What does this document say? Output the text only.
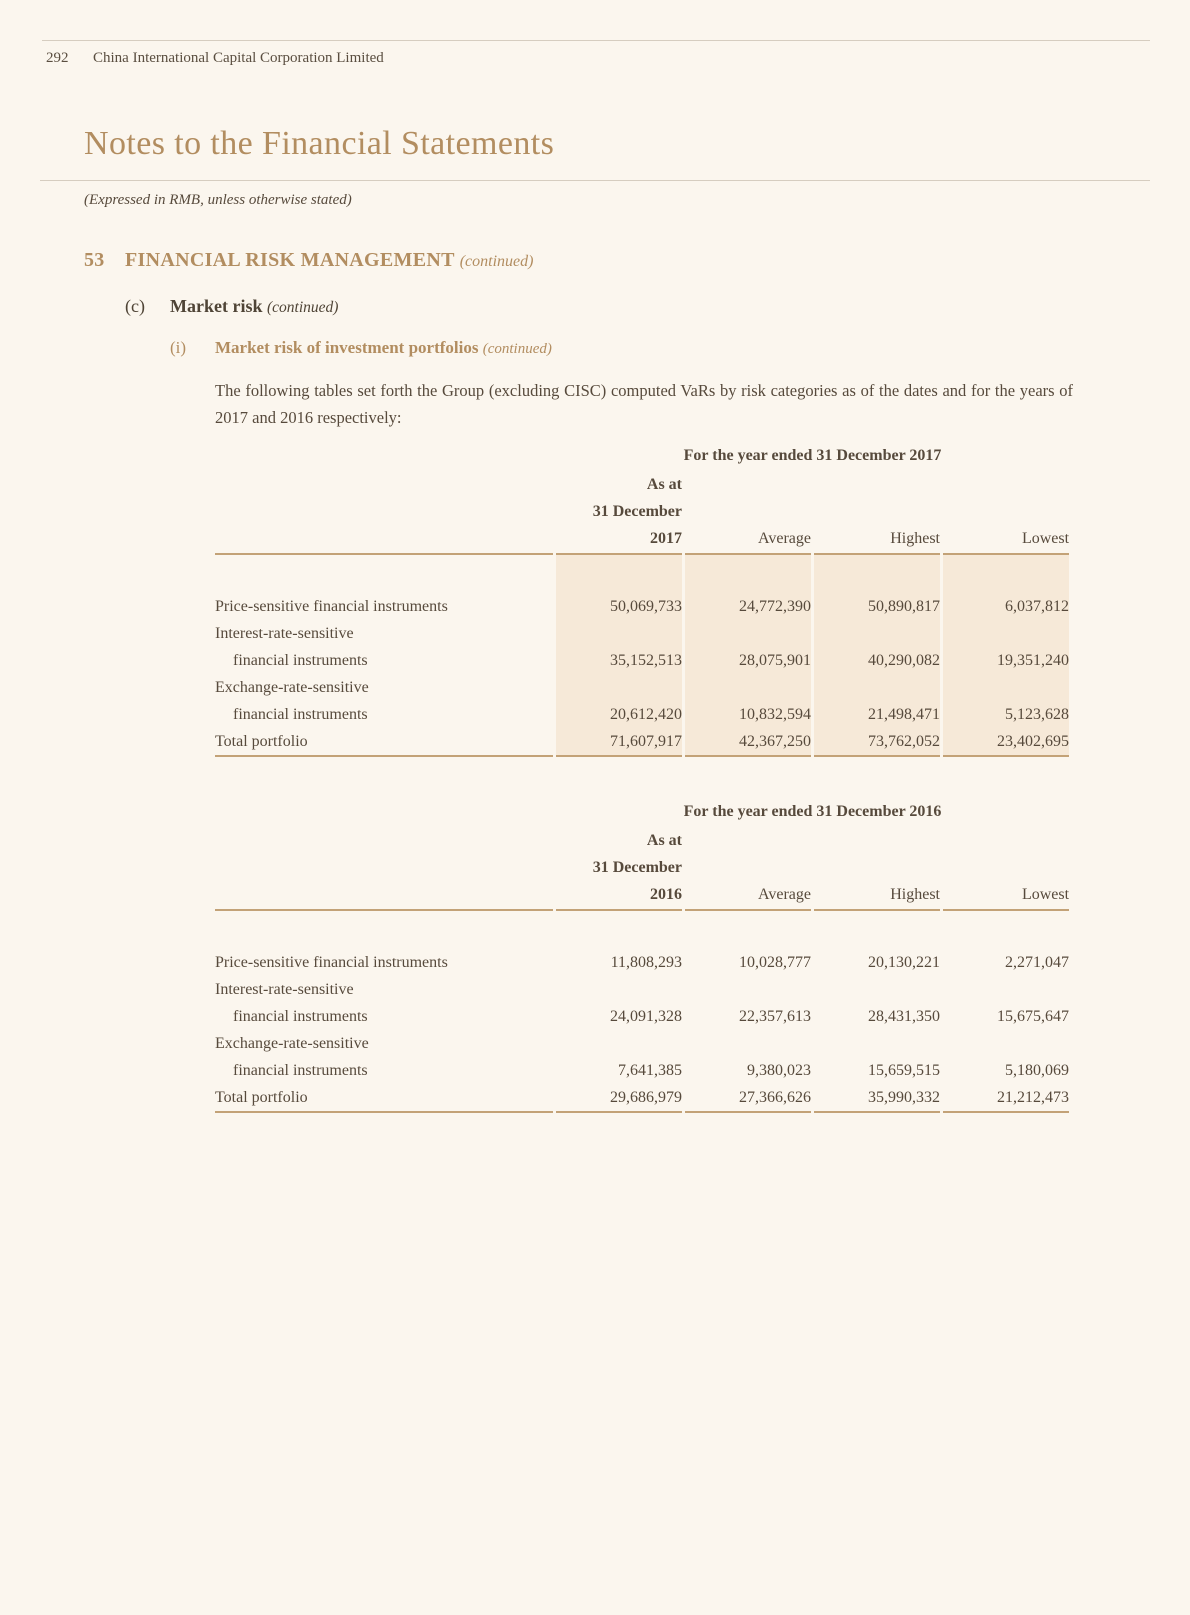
292 China International Capital Corporation Limited
Notes to the Financial Statements
(Expressed in RMB, unless otherwise stated)
53 FINANCIAL RISK MANAGEMENT (continued)
(c) Market risk (continued)
(i) Market risk of investment portfolios (continued)

The following tables set forth the Group (excluding CISC) computed VaRs by risk categories as of the dates and for the years of 2017 and 2016 respectively:

	For the year ended 31 December 2017			
	As at			
	31 December			
	2017	Average	Highest	Lowest

Price-sensitive financial instruments	50,069,733	24,772,390	50,890,817	6,037,812
Interest-rate-sensitive				
financial instruments	35,152,513	28,075,901	40,290,082	19,351,240
Exchange-rate-sensitive				
financial instruments	20,612,420	10,832,594	21,498,471	5,123,628
Total portfolio	71,607,917	42,367,250	73,762,052	23,402,695
	For the year ended 31 December 2016			
	As at			
	31 December			
	2016	Average	Highest	Lowest

Price-sensitive financial instruments	11,808,293	10,028,777	20,130,221	2,271,047
Interest-rate-sensitive				
financial instruments	24,091,328	22,357,613	28,431,350	15,675,647
Exchange-rate-sensitive				
financial instruments	7,641,385	9,380,023	15,659,515	5,180,069
Total portfolio	29,686,979	27,366,626	35,990,332	21,212,473
